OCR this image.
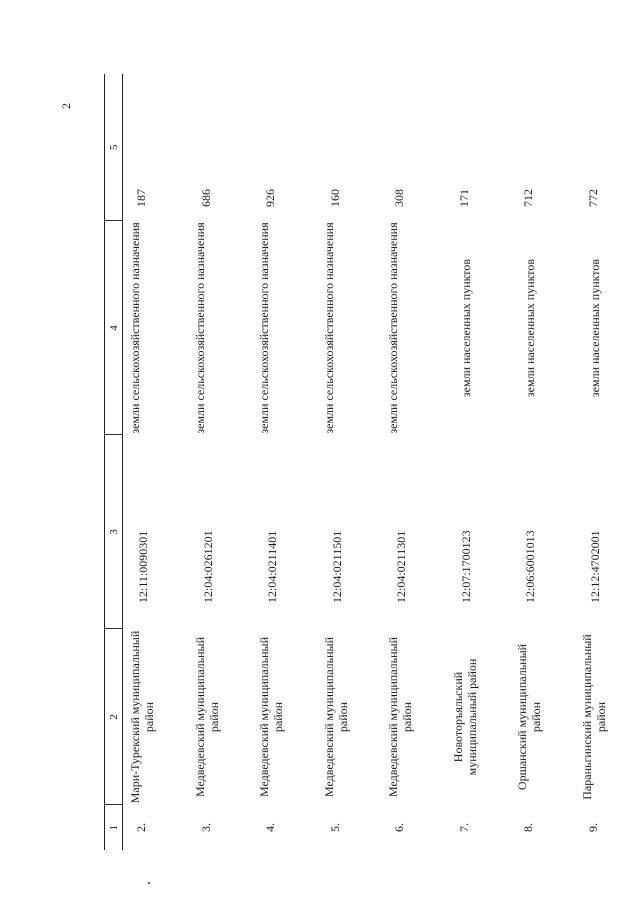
2
1	2	3	4	5
2.	Мари-Турекский муниципальный район	12:11:0090301	земли сельскохозяйственного назначения	187
3.	Медведевский муниципальный район	12:04:0261201	земли сельскохозяйственного назначения	686
4.	Медведевский муниципальный район	12:04:0211401	земли сельскохозяйственного назначения	926
5.	Медведевский муниципальный район	12:04:0211501	земли сельскохозяйственного назначения	160
6.	Медведевский муниципальный район	12:04:0211301	земли сельскохозяйственного назначения	308
7.	Новоторъяльский муниципальный район	12:07:1700123	земли населенных пунктов	171
8.	Оршанский муниципальный район	12:06:6001013	земли населенных пунктов	712
9.	Параньгинский муниципальный район	12:12:4702001	земли населенных пунктов	772
